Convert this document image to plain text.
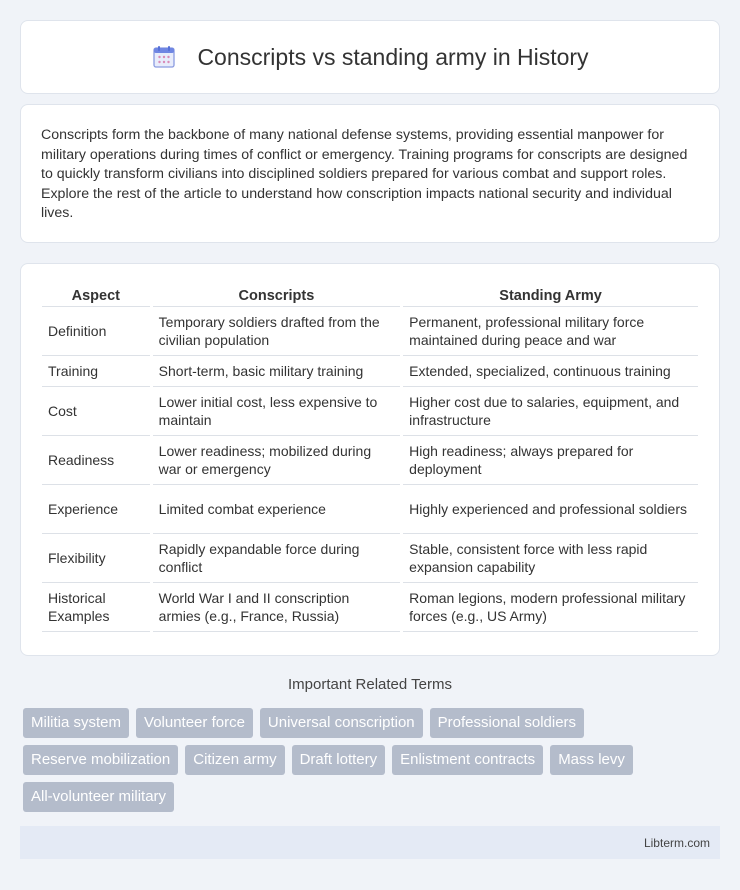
Conscripts vs standing army in History

Conscripts form the backbone of many national defense systems, providing essential manpower for military operations during times of conflict or emergency. Training programs for conscripts are designed to quickly transform civilians into disciplined soldiers prepared for various combat and support roles. Explore the rest of the article to understand how conscription impacts national security and individual lives.

Aspect	Conscripts	Standing Army
Definition	Temporary soldiers drafted from the civilian population	Permanent, professional military force maintained during peace and war
Training	Short-term, basic military training	Extended, specialized, continuous training
Cost	Lower initial cost, less expensive to maintain	Higher cost due to salaries, equipment, and infrastructure
Readiness	Lower readiness; mobilized during war or emergency	High readiness; always prepared for deployment
Experience	Limited combat experience	Highly experienced and professional soldiers
Flexibility	Rapidly expandable force during conflict	Stable, consistent force with less rapid expansion capability
Historical Examples	World War I and II conscription armies (e.g., France, Russia)	Roman legions, modern professional military forces (e.g., US Army)
Important Related Terms
Militia system	Volunteer force	Universal conscription	Professional soldiers
Reserve mobilization	Citizen army	Draft lottery	Enlistment contracts	Mass levy
All-volunteer military
Libterm.com
